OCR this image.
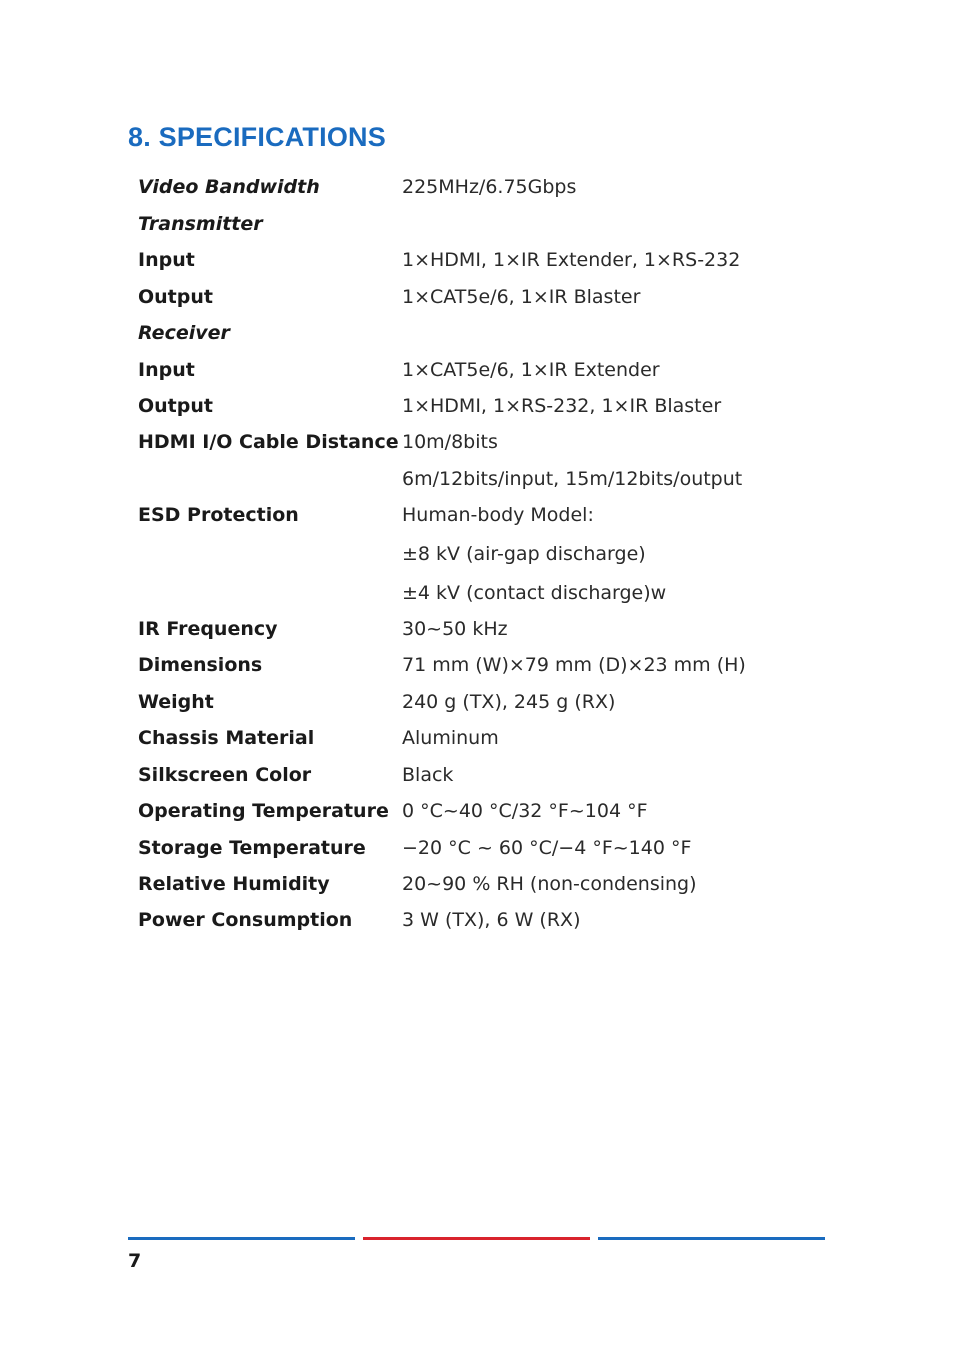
8. SPECIFICATIONS
Video Bandwidth	225MHz/6.75Gbps
Transmitter
Input	1×HDMI, 1×IR Extender, 1×RS-232
Output	1×CAT5e/6, 1×IR Blaster
Receiver
Input	1×CAT5e/6, 1×IR Extender
Output	1×HDMI, 1×RS-232, 1×IR Blaster
HDMI I/O Cable Distance 10m/8bits
6m/12bits/input, 15m/12bits/output
ESD Protection	Human-body Model:
±8 kV (air-gap discharge)
±4 kV (contact discharge)w
IR Frequency	30~50 kHz
Dimensions	71 mm (W)×79 mm (D)×23 mm (H)
Weight	240 g (TX), 245 g (RX)
Chassis Material	Aluminum
Silkscreen Color	Black
Operating Temperature 0 °C~40 °C/32 °F~104 °F
Storage Temperature −20 °C ~ 60 °C/−4 °F~140 °F
Relative Humidity	20~90 % RH (non-condensing)
Power Consumption	3 W (TX), 6 W (RX)
7
